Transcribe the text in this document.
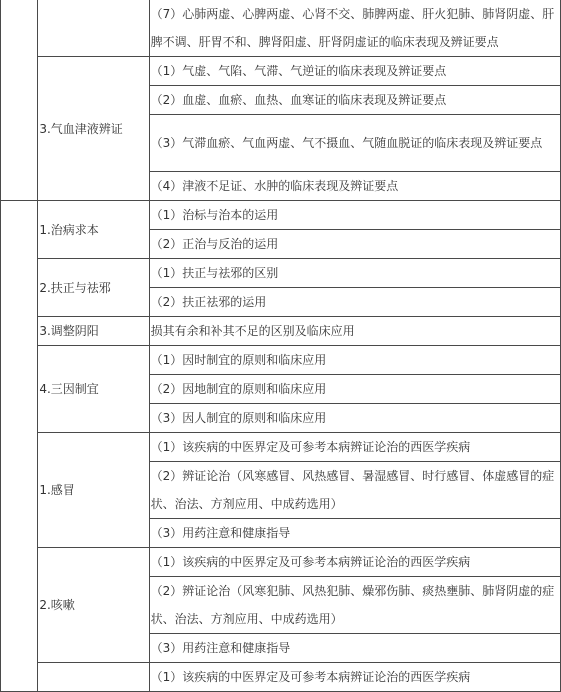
		（7）心肺两虚、心脾两虚、心肾不交、肺脾两虚、肝火犯肺、肺肾阴虚、肝脾不调、肝胃不和、脾肾阳虚、肝肾阴虚证的临床表现及辨证要点
	3.气血津液辨证	（1）气虚、气陷、气滞、气逆证的临床表现及辨证要点
		（2）血虚、血瘀、血热、血寒证的临床表现及辨证要点
		（3）气滞血瘀、气血两虚、气不摄血、气随血脱证的临床表现及辨证要点
		（4）津液不足证、水肿的临床表现及辨证要点
	1.治病求本	（1）治标与治本的运用
		（2）正治与反治的运用
	2.扶正与祛邪	（1）扶正与祛邪的区别
		（2）扶正祛邪的运用
	3.调整阴阳	损其有余和补其不足的区别及临床应用
	4.三因制宜	（1）因时制宜的原则和临床应用
		（2）因地制宜的原则和临床应用
		（3）因人制宜的原则和临床应用
	1.感冒	（1）该疾病的中医界定及可参考本病辨证论治的西医学疾病
		（2）辨证论治（风寒感冒、风热感冒、暑湿感冒、时行感冒、体虚感冒的症状、治法、方剂应用、中成药选用）
		（3）用药注意和健康指导
	2.咳嗽	（1）该疾病的中医界定及可参考本病辨证论治的西医学疾病
		（2）辨证论治（风寒犯肺、风热犯肺、燥邪伤肺、痰热壅肺、肺肾阴虚的症状、治法、方剂应用、中成药选用）
		（3）用药注意和健康指导
		（1）该疾病的中医界定及可参考本病辨证论治的西医学疾病
